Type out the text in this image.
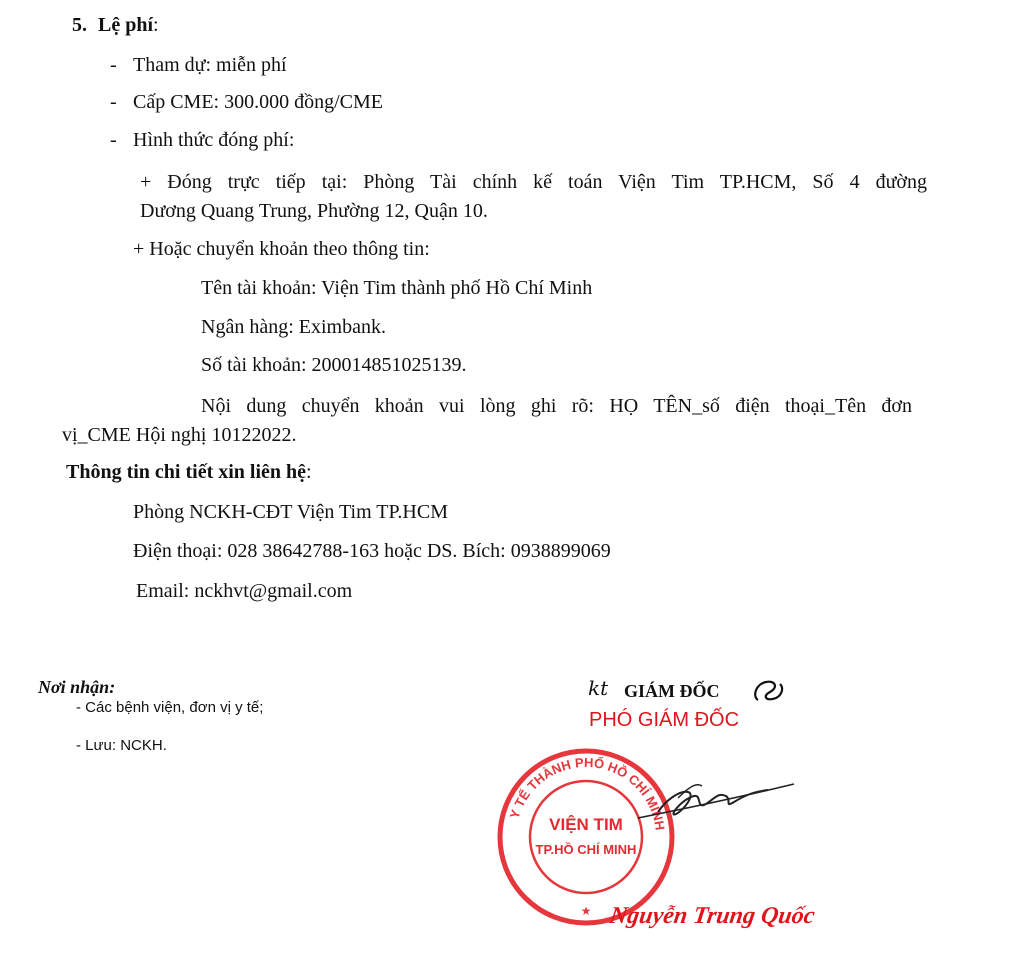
5. Lệ phí:
- Tham dự: miễn phí
- Cấp CME: 300.000 đồng/CME
- Hình thức đóng phí:
+ Đóng trực tiếp tại: Phòng Tài chính kế toán Viện Tim TP.HCM, Số 4 đường
Dương Quang Trung, Phường 12, Quận 10.
+ Hoặc chuyển khoản theo thông tin:
Tên tài khoản: Viện Tim thành phố Hồ Chí Minh
Ngân hàng: Eximbank.
Số tài khoản: 200014851025139.
Nội dung chuyển khoản vui lòng ghi rõ: HỌ TÊN_số điện thoại_Tên đơn
vị_CME Hội nghị 10122022.
Thông tin chi tiết xin liên hệ:
Phòng NCKH-CĐT Viện Tim TP.HCM
Điện thoại: 028 38642788-163 hoặc DS. Bích: 0938899069
Email: nckhvt@gmail.com
Nơi nhận:
- Các bệnh viện, đơn vị y tế;
- Lưu: NCKH.
kt GIÁM ĐỐC
PHÓ GIÁM ĐỐC
Y TẾ THÀNH PHỐ HỒ CHÍ MINH
VIỆN TIM
TP.HỒ CHÍ MINH
★ Nguyễn Trung Quốc
